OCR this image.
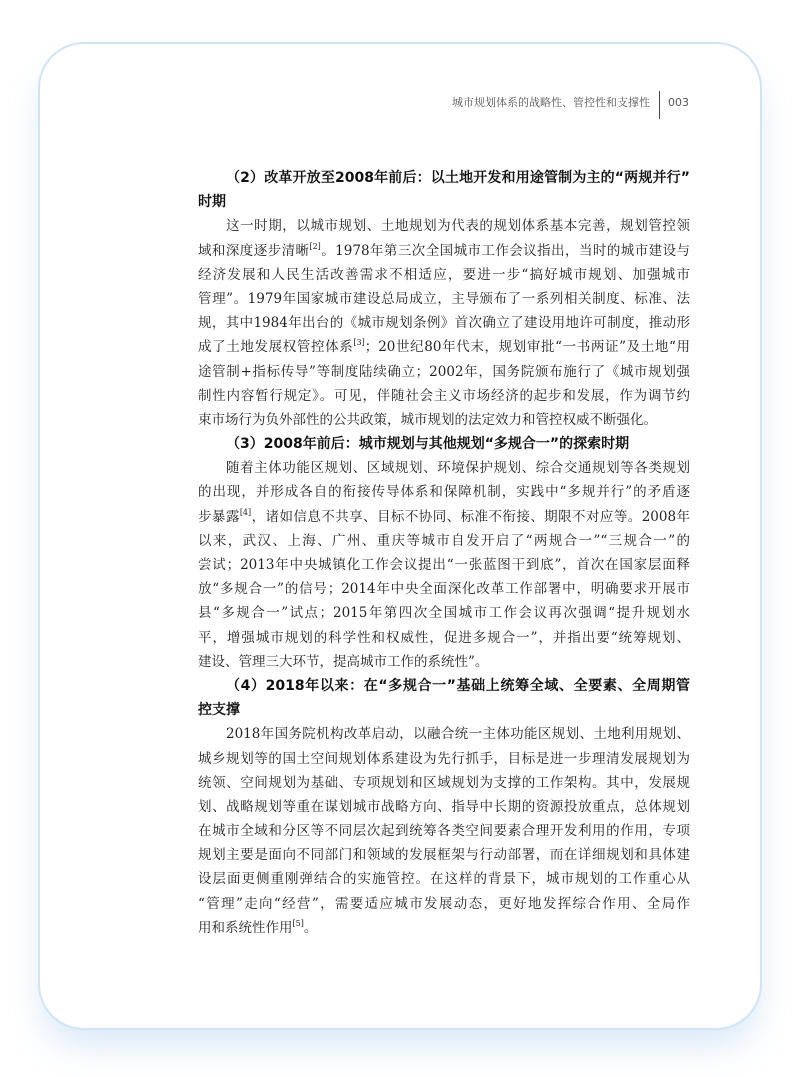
城市规划体系的战略性、管控性和支撑性 003
（2）改革开放至2008年前后：以土地开发和用途管制为主的“两规并行”
时期
这一时期，以城市规划、土地规划为代表的规划体系基本完善，规划管控领
域和深度逐步清晰[2]。1978年第三次全国城市工作会议指出，当时的城市建设与
经济发展和人民生活改善需求不相适应，要进一步“搞好城市规划、加强城市
管理”。1979年国家城市建设总局成立，主导颁布了一系列相关制度、标准、法
规，其中1984年出台的《城市规划条例》首次确立了建设用地许可制度，推动形
成了土地发展权管控体系[3]；20世纪80年代末，规划审批“一书两证”及土地“用
途管制+指标传导”等制度陆续确立；2002年，国务院颁布施行了《城市规划强
制性内容暂行规定》。可见，伴随社会主义市场经济的起步和发展，作为调节约
束市场行为负外部性的公共政策，城市规划的法定效力和管控权威不断强化。
（3）2008年前后：城市规划与其他规划“多规合一”的探索时期
随着主体功能区规划、区域规划、环境保护规划、综合交通规划等各类规划
的出现，并形成各自的衔接传导体系和保障机制，实践中“多规并行”的矛盾逐
步暴露[4]，诸如信息不共享、目标不协同、标准不衔接、期限不对应等。2008年
以来，武汉、上海、广州、重庆等城市自发开启了“两规合一”“三规合一”的
尝试；2013年中央城镇化工作会议提出“一张蓝图干到底”，首次在国家层面释
放“多规合一”的信号；2014年中央全面深化改革工作部署中，明确要求开展市
县“多规合一”试点；2015年第四次全国城市工作会议再次强调“提升规划水
平，增强城市规划的科学性和权威性，促进多规合一”，并指出要“统筹规划、
建设、管理三大环节，提高城市工作的系统性”。
（4）2018年以来：在“多规合一”基础上统筹全域、全要素、全周期管
控支撑
2018年国务院机构改革启动，以融合统一主体功能区规划、土地利用规划、
城乡规划等的国土空间规划体系建设为先行抓手，目标是进一步理清发展规划为
统领、空间规划为基础、专项规划和区域规划为支撑的工作架构。其中，发展规
划、战略规划等重在谋划城市战略方向、指导中长期的资源投放重点，总体规划
在城市全域和分区等不同层次起到统筹各类空间要素合理开发利用的作用，专项
规划主要是面向不同部门和领域的发展框架与行动部署，而在详细规划和具体建
设层面更侧重刚弹结合的实施管控。在这样的背景下，城市规划的工作重心从
“管理”走向“经营”，需要适应城市发展动态，更好地发挥综合作用、全局作
用和系统性作用[5]。
